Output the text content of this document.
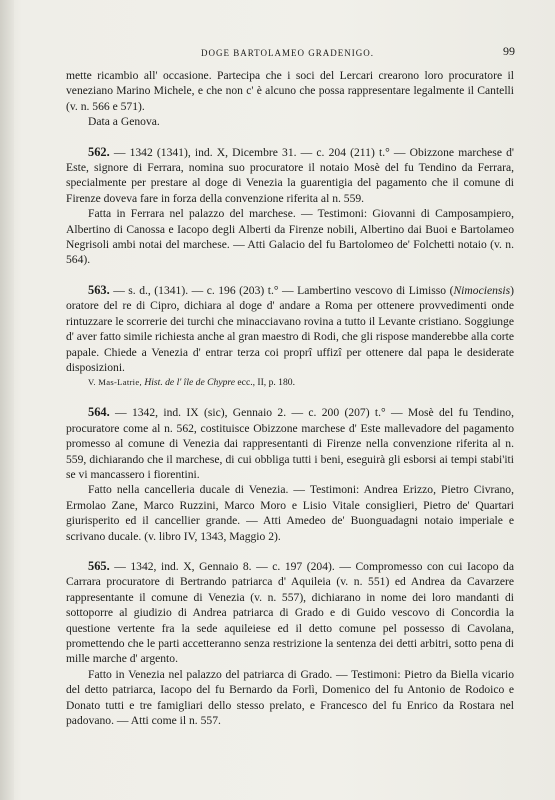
DOGE BARTOLAMEO GRADENIGO.	99

mette ricambio all' occasione. Partecipa che i soci del Lercari crearono loro procuratore il veneziano Marino Michele, e che non c' è alcuno che possa rappresentare legalmente il Cantelli (v. n. 566 e 571).

Data a Genova.

562. — 1342 (1341), ind. X, Dicembre 31. — c. 204 (211) t.° — Obizzone marchese d' Este, signore di Ferrara, nomina suo procuratore il notaio Mosè del fu Tendino da Ferrara, specialmente per prestare al doge di Venezia la guarentigia del pagamento che il comune di Firenze doveva fare in forza della convenzione riferita al n. 559.

Fatta in Ferrara nel palazzo del marchese. — Testimoni: Giovanni di Camposampiero, Albertino di Canossa e Iacopo degli Alberti da Firenze nobili, Albertino dai Buoi e Bartolameo Negrisoli ambi notai del marchese. — Atti Galacio del fu Bartolomeo de' Folchetti notaio (v. n. 564).

563. — s. d., (1341). — c. 196 (203) t.° — Lambertino vescovo di Limisso (Nimociensis) oratore del re di Cipro, dichiara al doge d' andare a Roma per ottenere provvedimenti onde rintuzzare le scorrerie dei turchi che minacciavano rovina a tutto il Levante cristiano. Soggiunge d' aver fatto simile richiesta anche al gran maestro di Rodi, che gli rispose manderebbe alla corte papale. Chiede a Venezia d' entrar terza coi proprî uffizî per ottenere dal papa le desiderate disposizioni.

V. Mas-Latrie, Hist. de l' île de Chypre ecc., II, p. 180.

564. — 1342, ind. IX (sic), Gennaio 2. — c. 200 (207) t.° — Mosè del fu Tendino, procuratore come al n. 562, costituisce Obizzone marchese d' Este mallevadore del pagamento promesso al comune di Venezia dai rappresentanti di Firenze nella convenzione riferita al n. 559, dichiarando che il marchese, di cui obbliga tutti i beni, eseguirà gli esborsi ai tempi stabi'iti se vi mancassero i fiorentini.

Fatto nella cancelleria ducale di Venezia. — Testimoni: Andrea Erizzo, Pietro Civrano, Ermolao Zane, Marco Ruzzini, Marco Moro e Lisio Vitale consiglieri, Pietro de' Quartari giurisperito ed il cancellier grande. — Atti Amedeo de' Buonguadagni notaio imperiale e scrivano ducale. (v. libro IV, 1343, Maggio 2).

565. — 1342, ind. X, Gennaio 8. — c. 197 (204). — Compromesso con cui Iacopo da Carrara procuratore di Bertrando patriarca d' Aquileia (v. n. 551) ed Andrea da Cavarzere rappresentante il comune di Venezia (v. n. 557), dichiarano in nome dei loro mandanti di sottoporre al giudizio di Andrea patriarca di Grado e di Guido vescovo di Concordia la questione vertente fra la sede aquileiese ed il detto comune pel possesso di Cavolana, promettendo che le parti accetteranno senza restrizione la sentenza dei detti arbitri, sotto pena di mille marche d' argento.

Fatto in Venezia nel palazzo del patriarca di Grado. — Testimoni: Pietro da Biella vicario del detto patriarca, Iacopo del fu Bernardo da Forlì, Domenico del fu Antonio de Rodoico e Donato tutti e tre famigliari dello stesso prelato, e Francesco del fu Enrico da Rostara nel padovano. — Atti come il n. 557.
